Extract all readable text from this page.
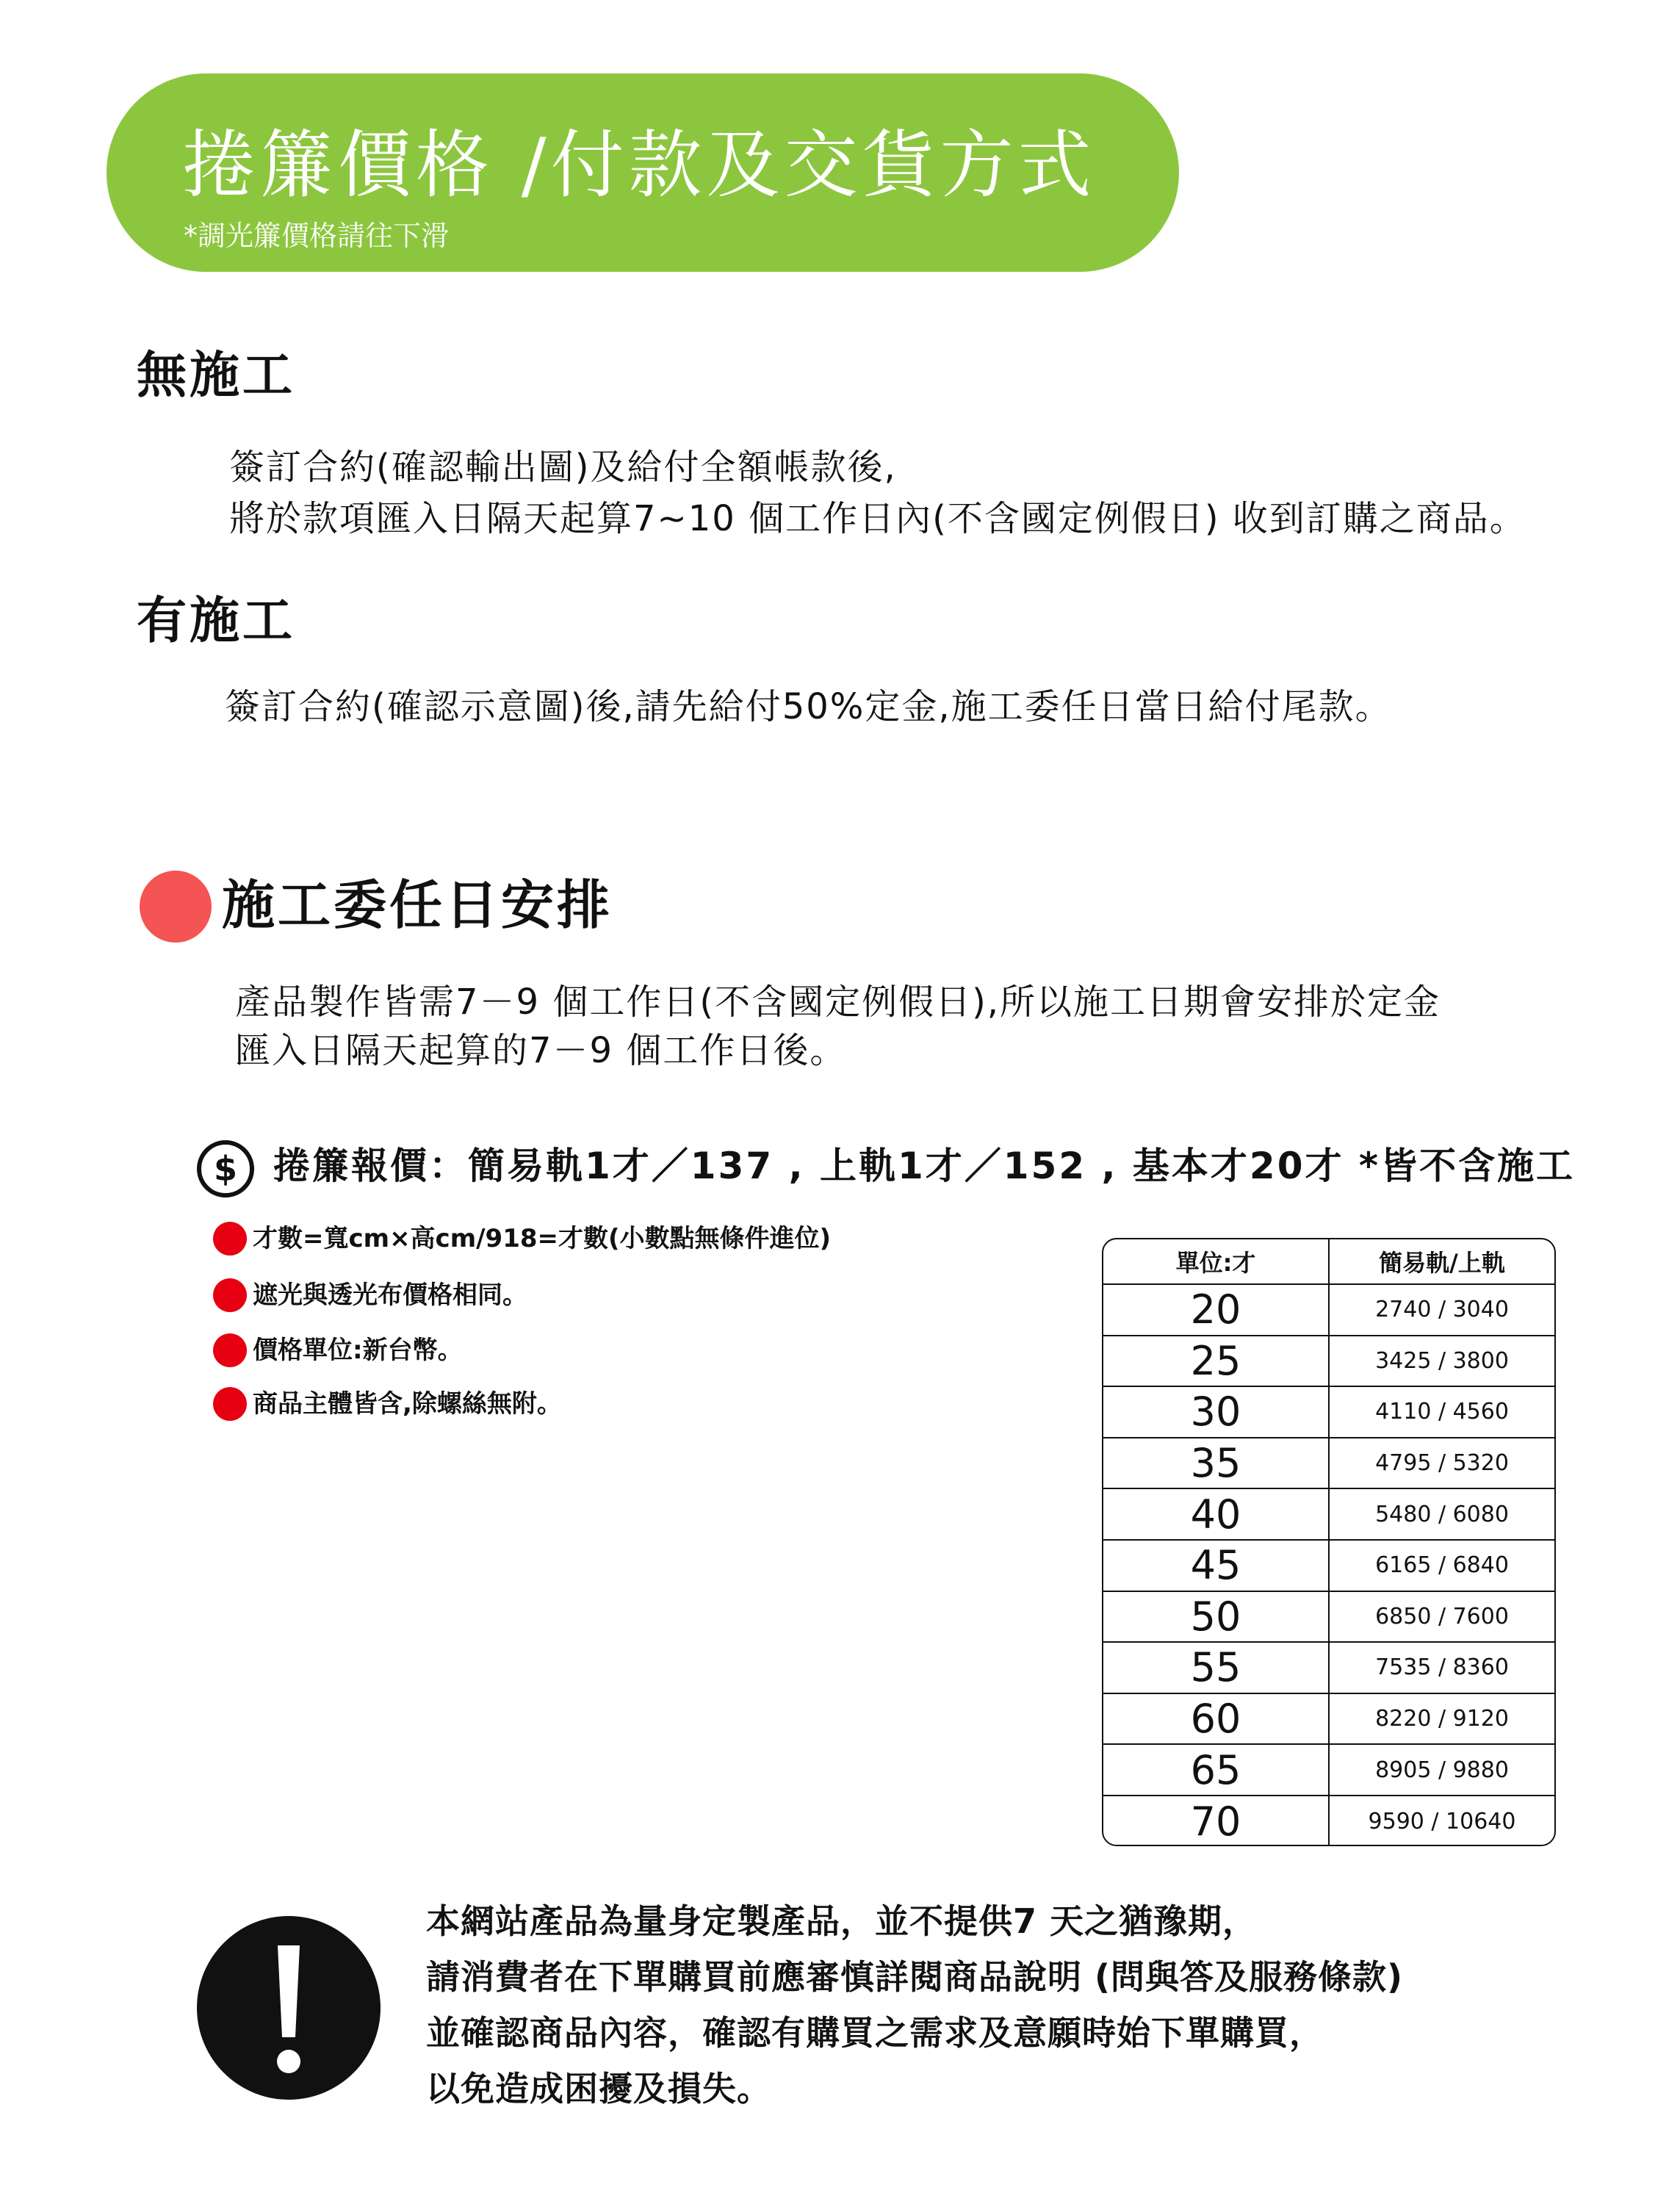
捲簾價格 /付款及交貨方式
*調光簾價格請往下滑
無施工
簽訂合約(確認輸出圖)及給付全額帳款後,
將於款項匯入日隔天起算7~10 個工作日內(不含國定例假日) 收到訂購之商品。
有施工
簽訂合約(確認示意圖)後,請先給付50%定金,施工委任日當日給付尾款。
施工委任日安排
產品製作皆需7－9 個工作日(不含國定例假日),所以施工日期會安排於定金
匯入日隔天起算的7－9 個工作日後。
$ 捲簾報價：簡易軌1才／137 , 上軌1才／152 , 基本才20才 *皆不含施工
才數=寬cm×高cm/918=才數(小數點無條件進位)
遮光與透光布價格相同。
價格單位:新台幣。
商品主體皆含,除螺絲無附。
單位:才	簡易軌/上軌
20	2740 / 3040
25	3425 / 3800
30	4110 / 4560
35	4795 / 5320
40	5480 / 6080
45	6165 / 6840
50	6850 / 7600
55	7535 / 8360
60	8220 / 9120
65	8905 / 9880
70	9590 / 10640
本網站產品為量身定製產品，並不提供7 天之猶豫期，
請消費者在下單購買前應審慎詳閱商品說明 (問與答及服務條款)
並確認商品內容，確認有購買之需求及意願時始下單購買，
以免造成困擾及損失。
